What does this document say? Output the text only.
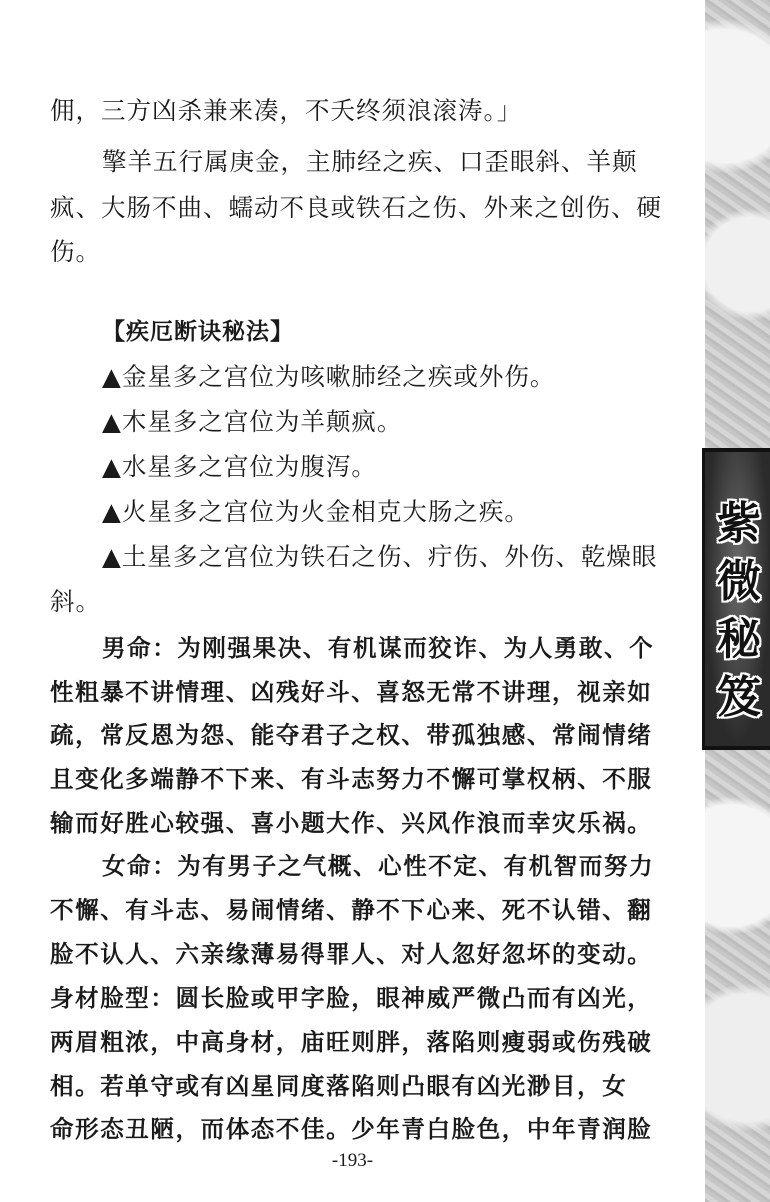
佣，三方凶杀兼来凑，不夭终须浪滚涛。」
擎羊五行属庚金，主肺经之疾、口歪眼斜、羊颠
疯、大肠不曲、蠕动不良或铁石之伤、外来之创伤、硬
伤。
【疾厄断诀秘法】
▲金星多之宫位为咳嗽肺经之疾或外伤。
▲木星多之宫位为羊颠疯。
▲水星多之宫位为腹泻。
▲火星多之宫位为火金相克大肠之疾。
▲土星多之宫位为铁石之伤、疔伤、外伤、乾燥眼
斜。
男命：为刚强果决、有机谋而狡诈、为人勇敢、个
性粗暴不讲情理、凶残好斗、喜怒无常不讲理，视亲如
疏，常反恩为怨、能夺君子之权、带孤独感、常闹情绪
且变化多端静不下来、有斗志努力不懈可掌权柄、不服
输而好胜心较强、喜小题大作、兴风作浪而幸灾乐祸。
女命：为有男子之气概、心性不定、有机智而努力
不懈、有斗志、易闹情绪、静不下心来、死不认错、翻
脸不认人、六亲缘薄易得罪人、对人忽好忽坏的变动。
身材脸型：圆长脸或甲字脸，眼神威严微凸而有凶光，
两眉粗浓，中高身材，庙旺则胖，落陷则瘦弱或伤残破
相。若单守或有凶星同度落陷则凸眼有凶光渺目，女
命形态丑陋，而体态不佳。少年青白脸色，中年青润脸
-193-
紫
微
秘
笈
